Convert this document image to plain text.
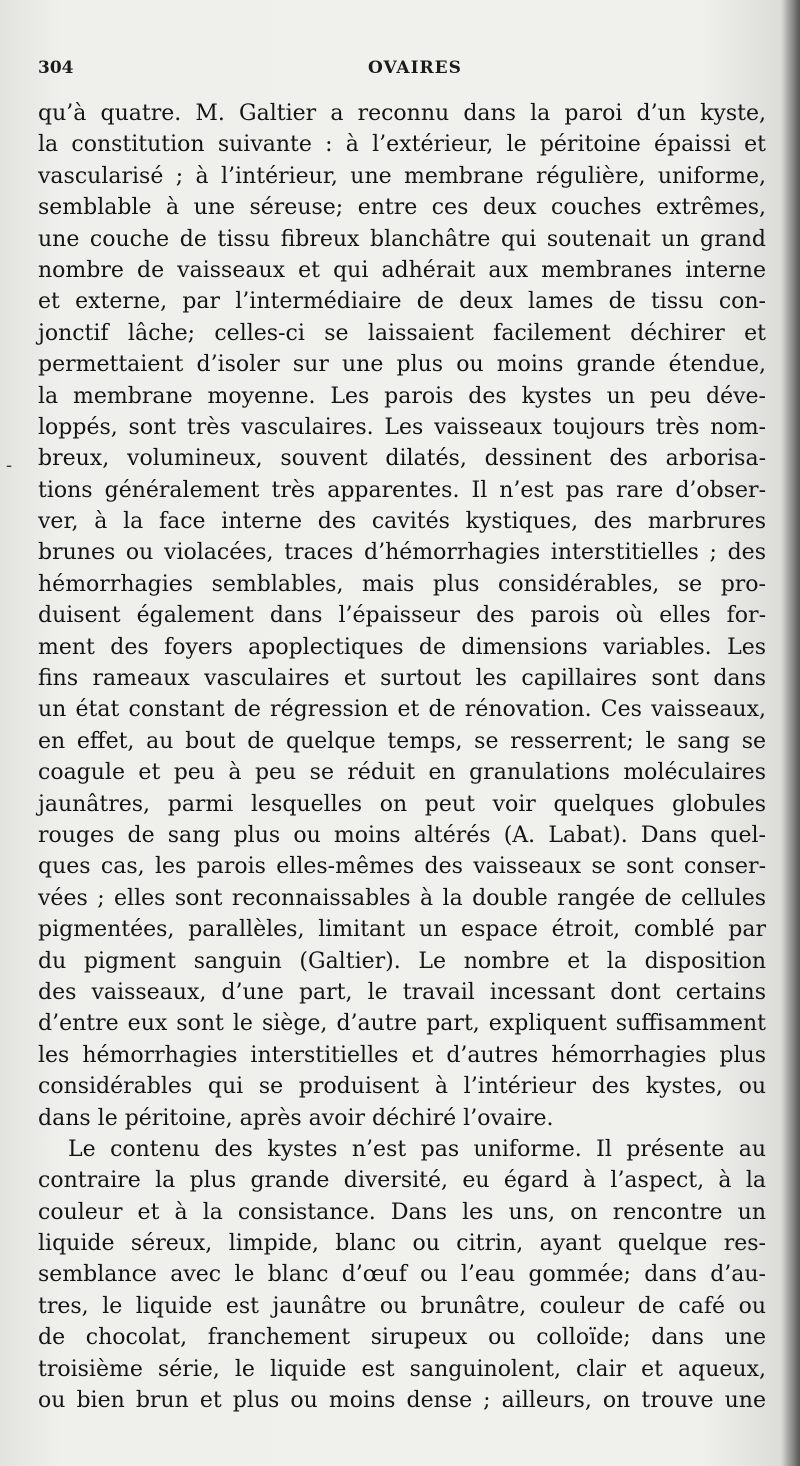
304	OVAIRES
-
qu’à quatre. M. Galtier a reconnu dans la paroi d’un kyste,
la constitution suivante : à l’extérieur, le péritoine épaissi et
vascularisé ; à l’intérieur, une membrane régulière, uniforme,
semblable à une séreuse; entre ces deux couches extrêmes,
une couche de tissu fibreux blanchâtre qui soutenait un grand
nombre de vaisseaux et qui adhérait aux membranes interne
et externe, par l’intermédiaire de deux lames de tissu con-
jonctif lâche; celles-ci se laissaient facilement déchirer et
permettaient d’isoler sur une plus ou moins grande étendue,
la membrane moyenne. Les parois des kystes un peu déve-
loppés, sont très vasculaires. Les vaisseaux toujours très nom-
breux, volumineux, souvent dilatés, dessinent des arborisa-
tions généralement très apparentes. Il n’est pas rare d’obser-
ver, à la face interne des cavités kystiques, des marbrures
brunes ou violacées, traces d’hémorrhagies interstitielles ; des
hémorrhagies semblables, mais plus considérables, se pro-
duisent également dans l’épaisseur des parois où elles for-
ment des foyers apoplectiques de dimensions variables. Les
fins rameaux vasculaires et surtout les capillaires sont dans
un état constant de régression et de rénovation. Ces vaisseaux,
en effet, au bout de quelque temps, se resserrent; le sang se
coagule et peu à peu se réduit en granulations moléculaires
jaunâtres, parmi lesquelles on peut voir quelques globules
rouges de sang plus ou moins altérés (A. Labat). Dans quel-
ques cas, les parois elles-mêmes des vaisseaux se sont conser-
vées ; elles sont reconnaissables à la double rangée de cellules
pigmentées, parallèles, limitant un espace étroit, comblé par
du pigment sanguin (Galtier). Le nombre et la disposition
des vaisseaux, d’une part, le travail incessant dont certains
d’entre eux sont le siège, d’autre part, expliquent suffisamment
les hémorrhagies interstitielles et d’autres hémorrhagies plus
considérables qui se produisent à l’intérieur des kystes, ou
dans le péritoine, après avoir déchiré l’ovaire.
Le contenu des kystes n’est pas uniforme. Il présente au
contraire la plus grande diversité, eu égard à l’aspect, à la
couleur et à la consistance. Dans les uns, on rencontre un
liquide séreux, limpide, blanc ou citrin, ayant quelque res-
semblance avec le blanc d’œuf ou l’eau gommée; dans d’au-
tres, le liquide est jaunâtre ou brunâtre, couleur de café ou
de chocolat, franchement sirupeux ou colloïde; dans une
troisième série, le liquide est sanguinolent, clair et aqueux,
ou bien brun et plus ou moins dense ; ailleurs, on trouve une
